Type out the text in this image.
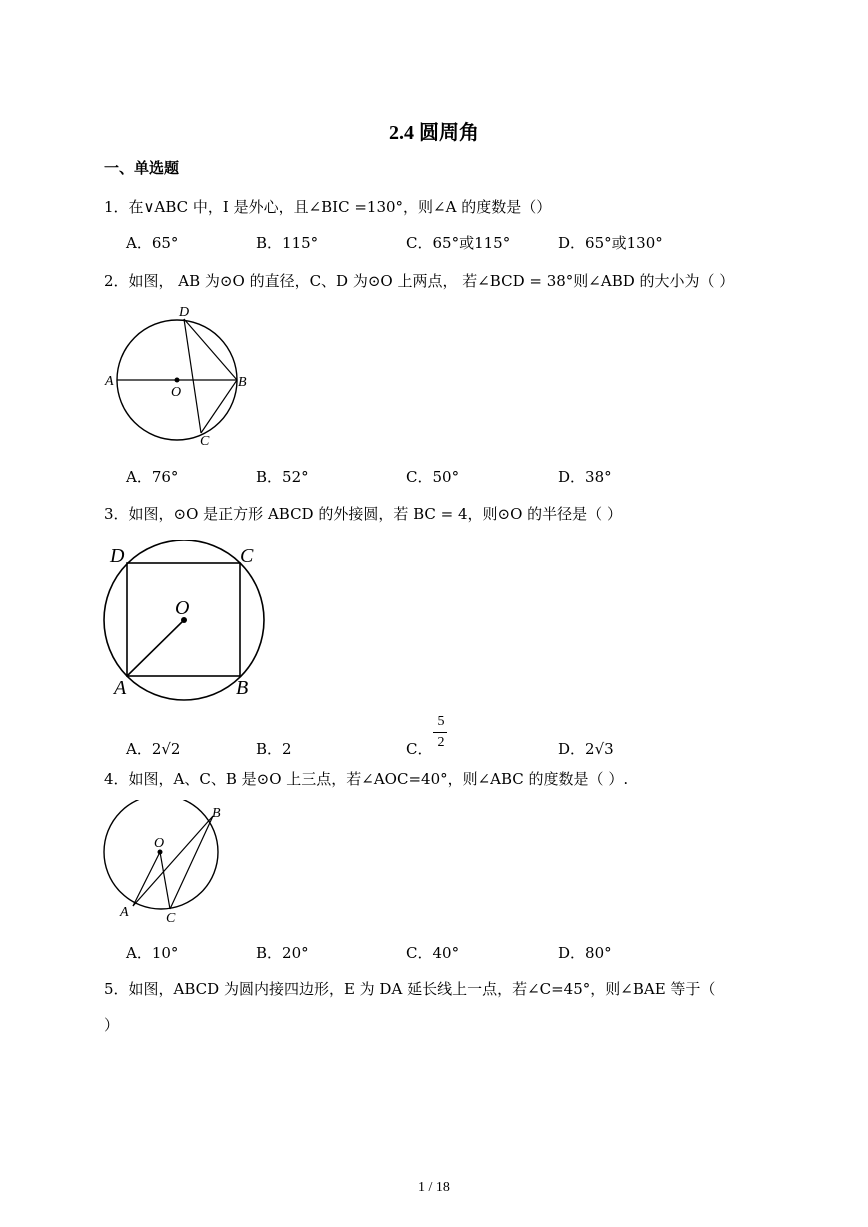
2.4 圆周角
一、单选题
1．在∨ABC 中，I 是外心，且∠BIC =130°，则∠A 的度数是（）
A．65°	B．115°	C．65°或115°	D．65°或130°
2．如图， AB 为⊙O 的直径，C、D 为⊙O 上两点， 若∠BCD = 38°则∠ABD 的大小为（ ）
A	B
C
D
O
A．76°	B．52°	C．50°	D．38°
3．如图，⊙O 是正方形 ABCD 的外接圆，若 BC = 4，则⊙O 的半径是（ ）
D	C
A	B
O
A．2√2	B．2	C．
5
2	D．2√3
4．如图，A、C、B 是⊙O 上三点，若∠AOC=40°，则∠ABC 的度数是（ ）.
A
B
C
O
A．10°	B．20°	C．40°	D．80°
5．如图，ABCD 为圆内接四边形，E 为 DA 延长线上一点，若∠C=45°，则∠BAE 等于（
）
1 / 18
